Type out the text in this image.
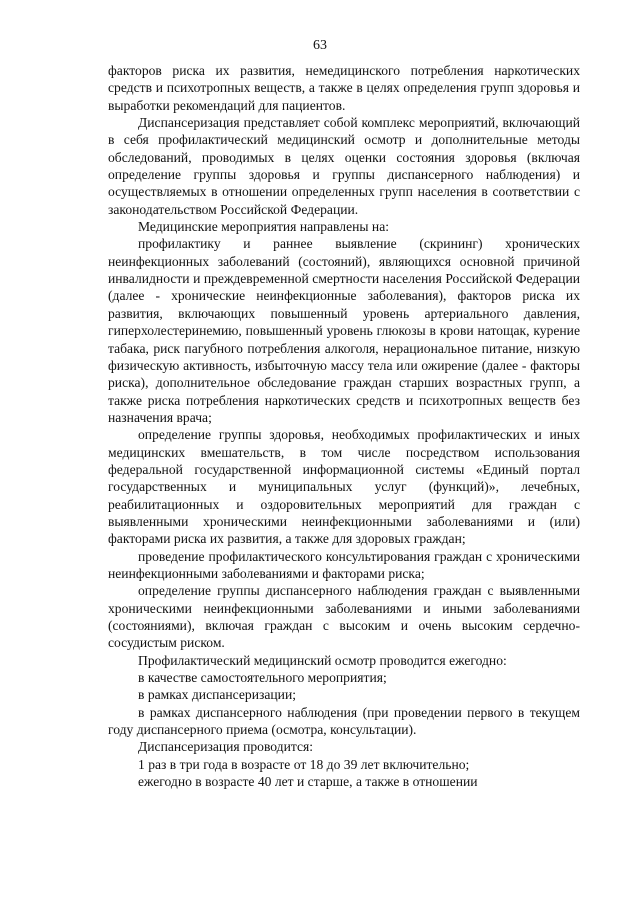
63

факторов риска их развития, немедицинского потребления наркотических средств и психотропных веществ, а также в целях определения групп здоровья и выработки рекомендаций для пациентов.

Диспансеризация представляет собой комплекс мероприятий, включающий в себя профилактический медицинский осмотр и дополнительные методы обследований, проводимых в целях оценки состояния здоровья (включая определение группы здоровья и группы диспансерного наблюдения) и осуществляемых в отношении определенных групп населения в соответствии с законодательством Российской Федерации.

Медицинские мероприятия направлены на:

профилактику и раннее выявление (скрининг) хронических неинфекционных заболеваний (состояний), являющихся основной причиной инвалидности и преждевременной смертности населения Российской Федерации (далее - хронические неинфекционные заболевания), факторов риска их развития, включающих повышенный уровень артериального давления, гиперхолестеринемию, повышенный уровень глюкозы в крови натощак, курение табака, риск пагубного потребления алкоголя, нерациональное питание, низкую физическую активность, избыточную массу тела или ожирение (далее - факторы риска), дополнительное обследование граждан старших возрастных групп, а также риска потребления наркотических средств и психотропных веществ без назначения врача;

определение группы здоровья, необходимых профилактических и иных медицинских вмешательств, в том числе посредством использования федеральной государственной информационной системы «Единый портал государственных и муниципальных услуг (функций)», лечебных, реабилитационных и оздоровительных мероприятий для граждан с выявленными хроническими неинфекционными заболеваниями и (или) факторами риска их развития, а также для здоровых граждан;

проведение профилактического консультирования граждан с хроническими неинфекционными заболеваниями и факторами риска;

определение группы диспансерного наблюдения граждан с выявленными хроническими неинфекционными заболеваниями и иными заболеваниями (состояниями), включая граждан с высоким и очень высоким сердечно-сосудистым риском.

Профилактический медицинский осмотр проводится ежегодно:

в качестве самостоятельного мероприятия;

в рамках диспансеризации;

в рамках диспансерного наблюдения (при проведении первого в текущем году диспансерного приема (осмотра, консультации).

Диспансеризация проводится:

1 раз в три года в возрасте от 18 до 39 лет включительно;

ежегодно в возрасте 40 лет и старше, а также в отношении
